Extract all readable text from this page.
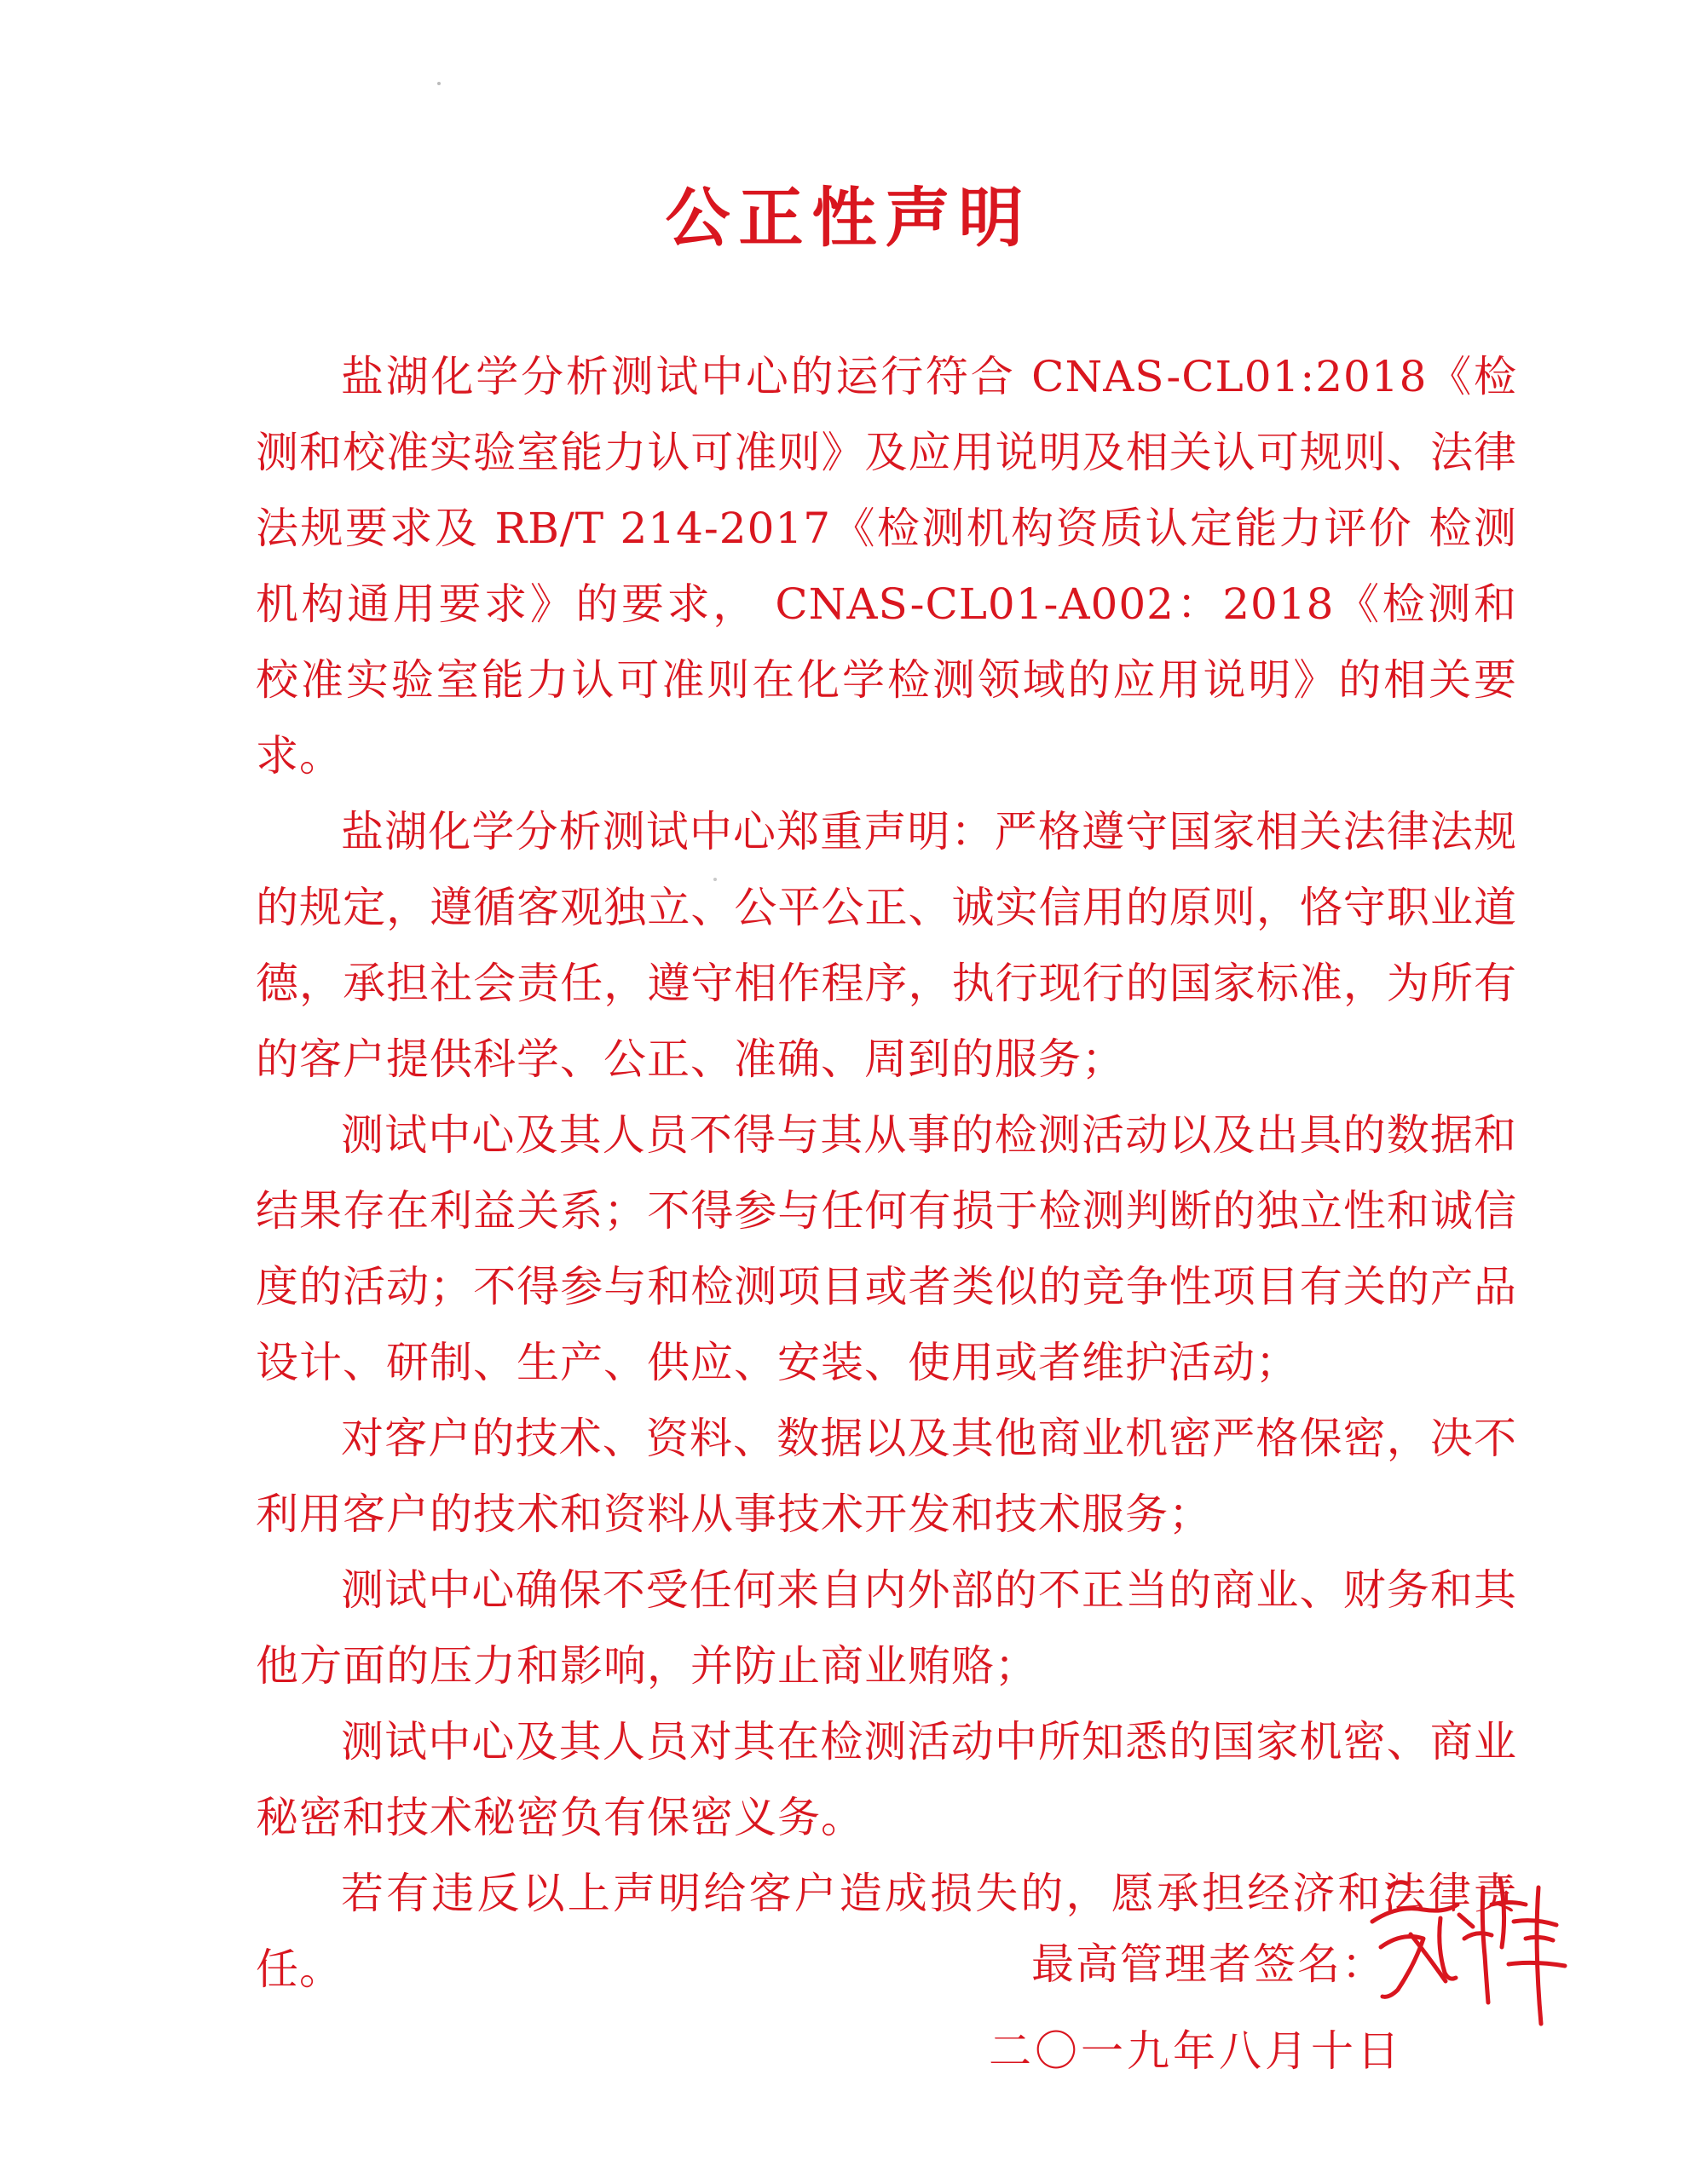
公正性声明

盐湖化学分析测试中心的运行符合 CNAS-CL01:2018《检测和校准实验室能力认可准则》及应用说明及相关认可规则、法律法规要求及 RB/T 214-2017《检测机构资质认定能力评价 检测机构通用要求》的要求， CNAS-CL01-A002：2018《检测和校准实验室能力认可准则在化学检测领域的应用说明》的相关要求。

盐湖化学分析测试中心郑重声明：严格遵守国家相关法律法规的规定，遵循客观独立、公平公正、诚实信用的原则，恪守职业道德，承担社会责任，遵守相作程序，执行现行的国家标准，为所有的客户提供科学、公正、准确、周到的服务；

测试中心及其人员不得与其从事的检测活动以及出具的数据和结果存在利益关系；不得参与任何有损于检测判断的独立性和诚信度的活动；不得参与和检测项目或者类似的竞争性项目有关的产品设计、研制、生产、供应、安装、使用或者维护活动；

对客户的技术、资料、数据以及其他商业机密严格保密，决不利用客户的技术和资料从事技术开发和技术服务；

测试中心确保不受任何来自内外部的不正当的商业、财务和其他方面的压力和影响，并防止商业贿赂；

测试中心及其人员对其在检测活动中所知悉的国家机密、商业秘密和技术秘密负有保密义务。

若有违反以上声明给客户造成损失的，愿承担经济和法律责任。	最高管理者签名：
二〇一九年八月十日
